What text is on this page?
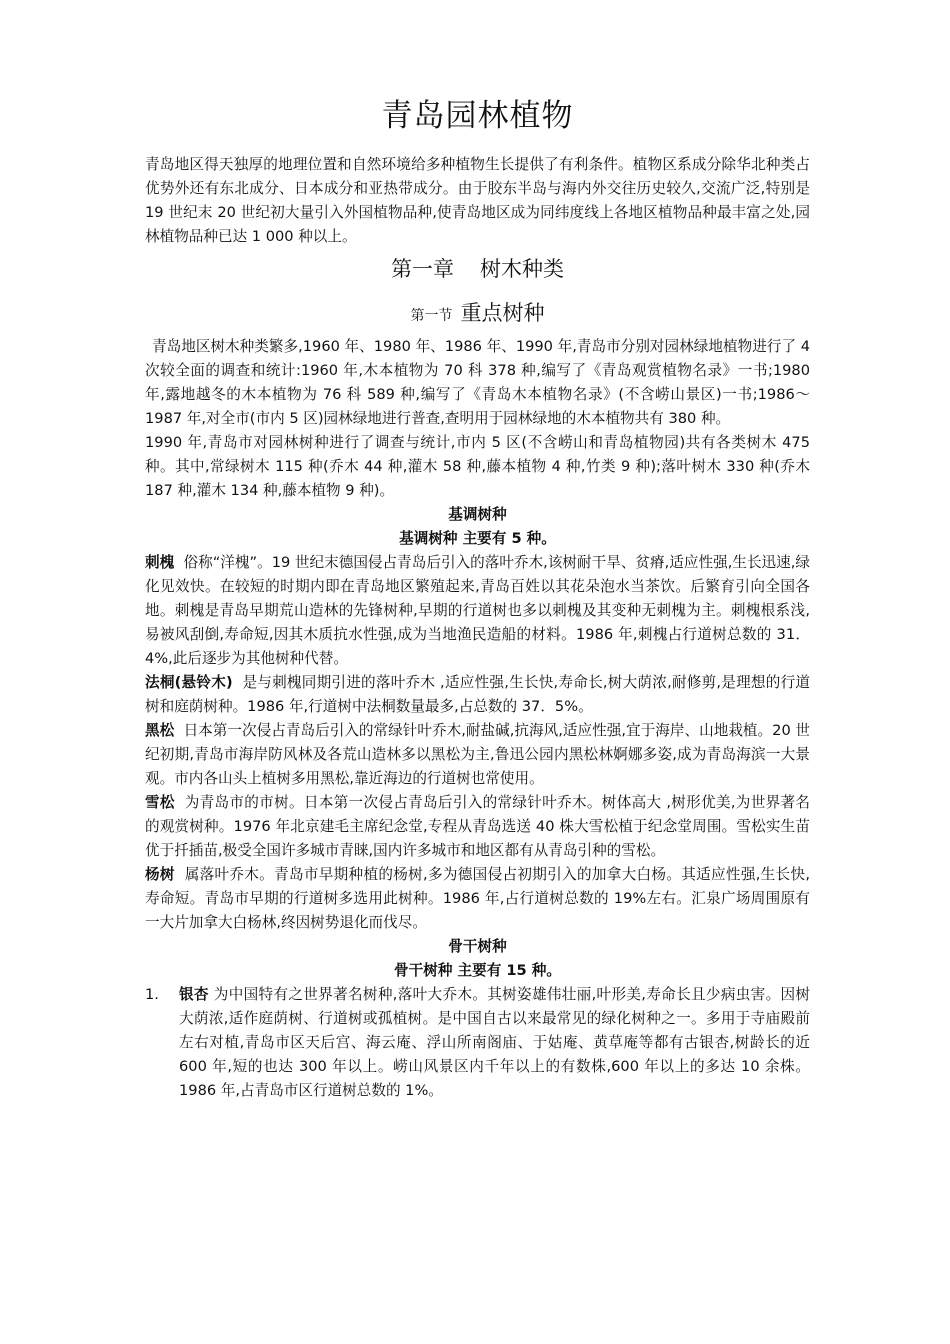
青岛园林植物

青岛地区得天独厚的地理位置和自然环境给多种植物生长提供了有利条件。植物区系成分除华北种类占优势外还有东北成分、日本成分和亚热带成分。由于胶东半岛与海内外交往历史较久,交流广泛,特别是 19 世纪末 20 世纪初大量引入外国植物品种,使青岛地区成为同纬度线上各地区植物品种最丰富之处,园林植物品种已达 1 000 种以上。

第一章 树木种类
第一节 重点树种

青岛地区树木种类繁多,1960 年、1980 年、1986 年、1990 年,青岛市分别对园林绿地植物进行了 4 次较全面的调查和统计:1960 年,木本植物为 70 科 378 种,编写了《青岛观赏植物名录》一书;1980 年,露地越冬的木本植物为 76 科 589 种,编写了《青岛木本植物名录》(不含崂山景区)一书;1986～1987 年,对全市(市内 5 区)园林绿地进行普查,查明用于园林绿地的木本植物共有 380 种。

1990 年,青岛市对园林树种进行了调查与统计,市内 5 区(不含崂山和青岛植物园)共有各类树木 475 种。其中,常绿树木 115 种(乔木 44 种,灌木 58 种,藤本植物 4 种,竹类 9 种);落叶树木 330 种(乔木 187 种,灌木 134 种,藤本植物 9 种)。

基调树种
基调树种 主要有 5 种。

刺槐 俗称“洋槐”。19 世纪末德国侵占青岛后引入的落叶乔木,该树耐干旱、贫瘠,适应性强,生长迅速,绿化见效快。在较短的时期内即在青岛地区繁殖起来,青岛百姓以其花朵泡水当茶饮。后繁育引向全国各地。刺槐是青岛早期荒山造林的先锋树种,早期的行道树也多以刺槐及其变种无刺槐为主。刺槐根系浅,易被风刮倒,寿命短,因其木质抗水性强,成为当地渔民造船的材料。1986 年,刺槐占行道树总数的 31．4%,此后逐步为其他树种代替。

法桐(悬铃木) 是与刺槐同期引进的落叶乔木 ,适应性强,生长快,寿命长,树大荫浓,耐修剪,是理想的行道树和庭荫树种。1986 年,行道树中法桐数量最多,占总数的 37．5%。

黑松 日本第一次侵占青岛后引入的常绿针叶乔木,耐盐碱,抗海风,适应性强,宜于海岸、山地栽植。20 世纪初期,青岛市海岸防风林及各荒山造林多以黑松为主,鲁迅公园内黑松林婀娜多姿,成为青岛海滨一大景观。市内各山头上植树多用黑松,靠近海边的行道树也常使用。

雪松 为青岛市的市树。日本第一次侵占青岛后引入的常绿针叶乔木。树体高大 ,树形优美,为世界著名的观赏树种。1976 年北京建毛主席纪念堂,专程从青岛选送 40 株大雪松植于纪念堂周围。雪松实生苗优于扦插苗,极受全国许多城市青睐,国内许多城市和地区都有从青岛引种的雪松。

杨树 属落叶乔木。青岛市早期种植的杨树,多为德国侵占初期引入的加拿大白杨。其适应性强,生长快,寿命短。青岛市早期的行道树多选用此树种。1986 年,占行道树总数的 19%左右。汇泉广场周围原有一大片加拿大白杨林,终因树势退化而伐尽。

骨干树种
骨干树种 主要有 15 种。
1.	银杏 为中国特有之世界著名树种,落叶大乔木。其树姿雄伟壮丽,叶形美,寿命长且少病虫害。因树大荫浓,适作庭荫树、行道树或孤植树。是中国自古以来最常见的绿化树种之一。多用于寺庙殿前左右对植,青岛市区天后宫、海云庵、浮山所南阁庙、于姑庵、黄草庵等都有古银杏,树龄长的近 600 年,短的也达 300 年以上。崂山风景区内千年以上的有数株,600 年以上的多达 10 余株。1986 年,占青岛市区行道树总数的 1%。
